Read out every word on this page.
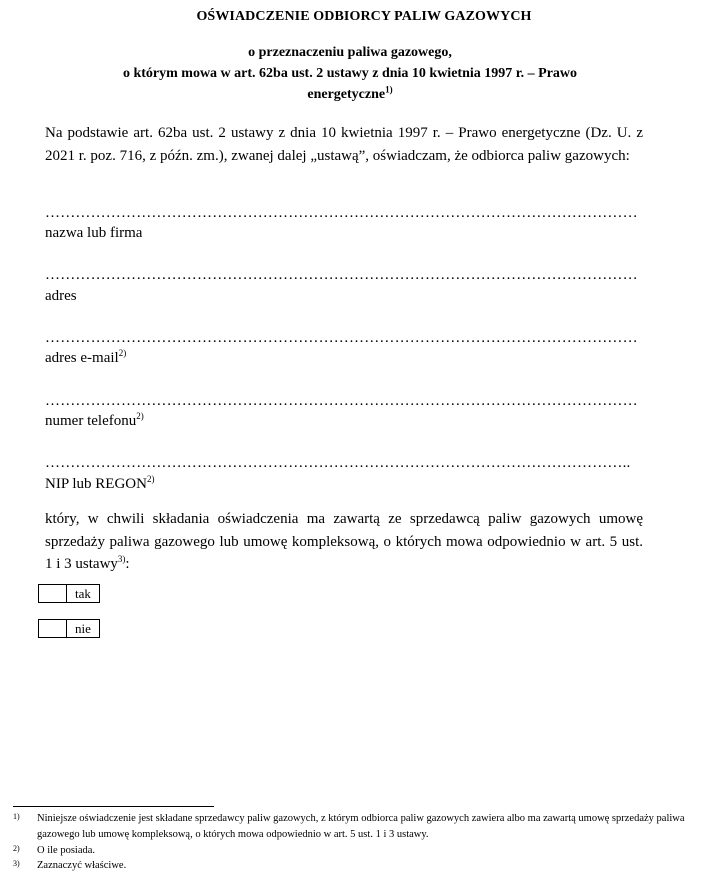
OŚWIADCZENIE ODBIORCY PALIW GAZOWYCH
o przeznaczeniu paliwa gazowego,
o którym mowa w art. 62ba ust. 2 ustawy z dnia 10 kwietnia 1997 r. – Prawo
energetyczne$^{1)}$
Na podstawie art. 62ba ust. 2 ustawy z dnia 10 kwietnia 1997 r. – Prawo energetyczne (Dz. U. z 2021 r. poz. 716, z późn. zm.), zwanej dalej „ustawą”, oświadczam, że odbiorca paliw gazowych:
………………………………………………………………………………………………………
nazwa lub firma
………………………………………………………………………………………………………
adres
………………………………………………………………………………………………………
adres e-mail$^{2)}$
………………………………………………………………………………………………………
numer telefonu$^{2)}$
……………………………………………………………………………………………………..
NIP lub REGON$^{2)}$
który, w chwili składania oświadczenia ma zawartą ze sprzedawcą paliw gazowych umowę sprzedaży paliwa gazowego lub umowę kompleksową, o których mowa odpowiednio w art. 5 ust. 1 i 3 ustawy$^{3)}$:
tak
nie
1)	Niniejsze oświadczenie jest składane sprzedawcy paliw gazowych, z którym odbiorca paliw gazowych zawiera albo ma zawartą umowę sprzedaży paliwa gazowego lub umowę kompleksową, o których mowa odpowiednio w art. 5 ust. 1 i 3 ustawy.
2)	O ile posiada.
3)	Zaznaczyć właściwe.
